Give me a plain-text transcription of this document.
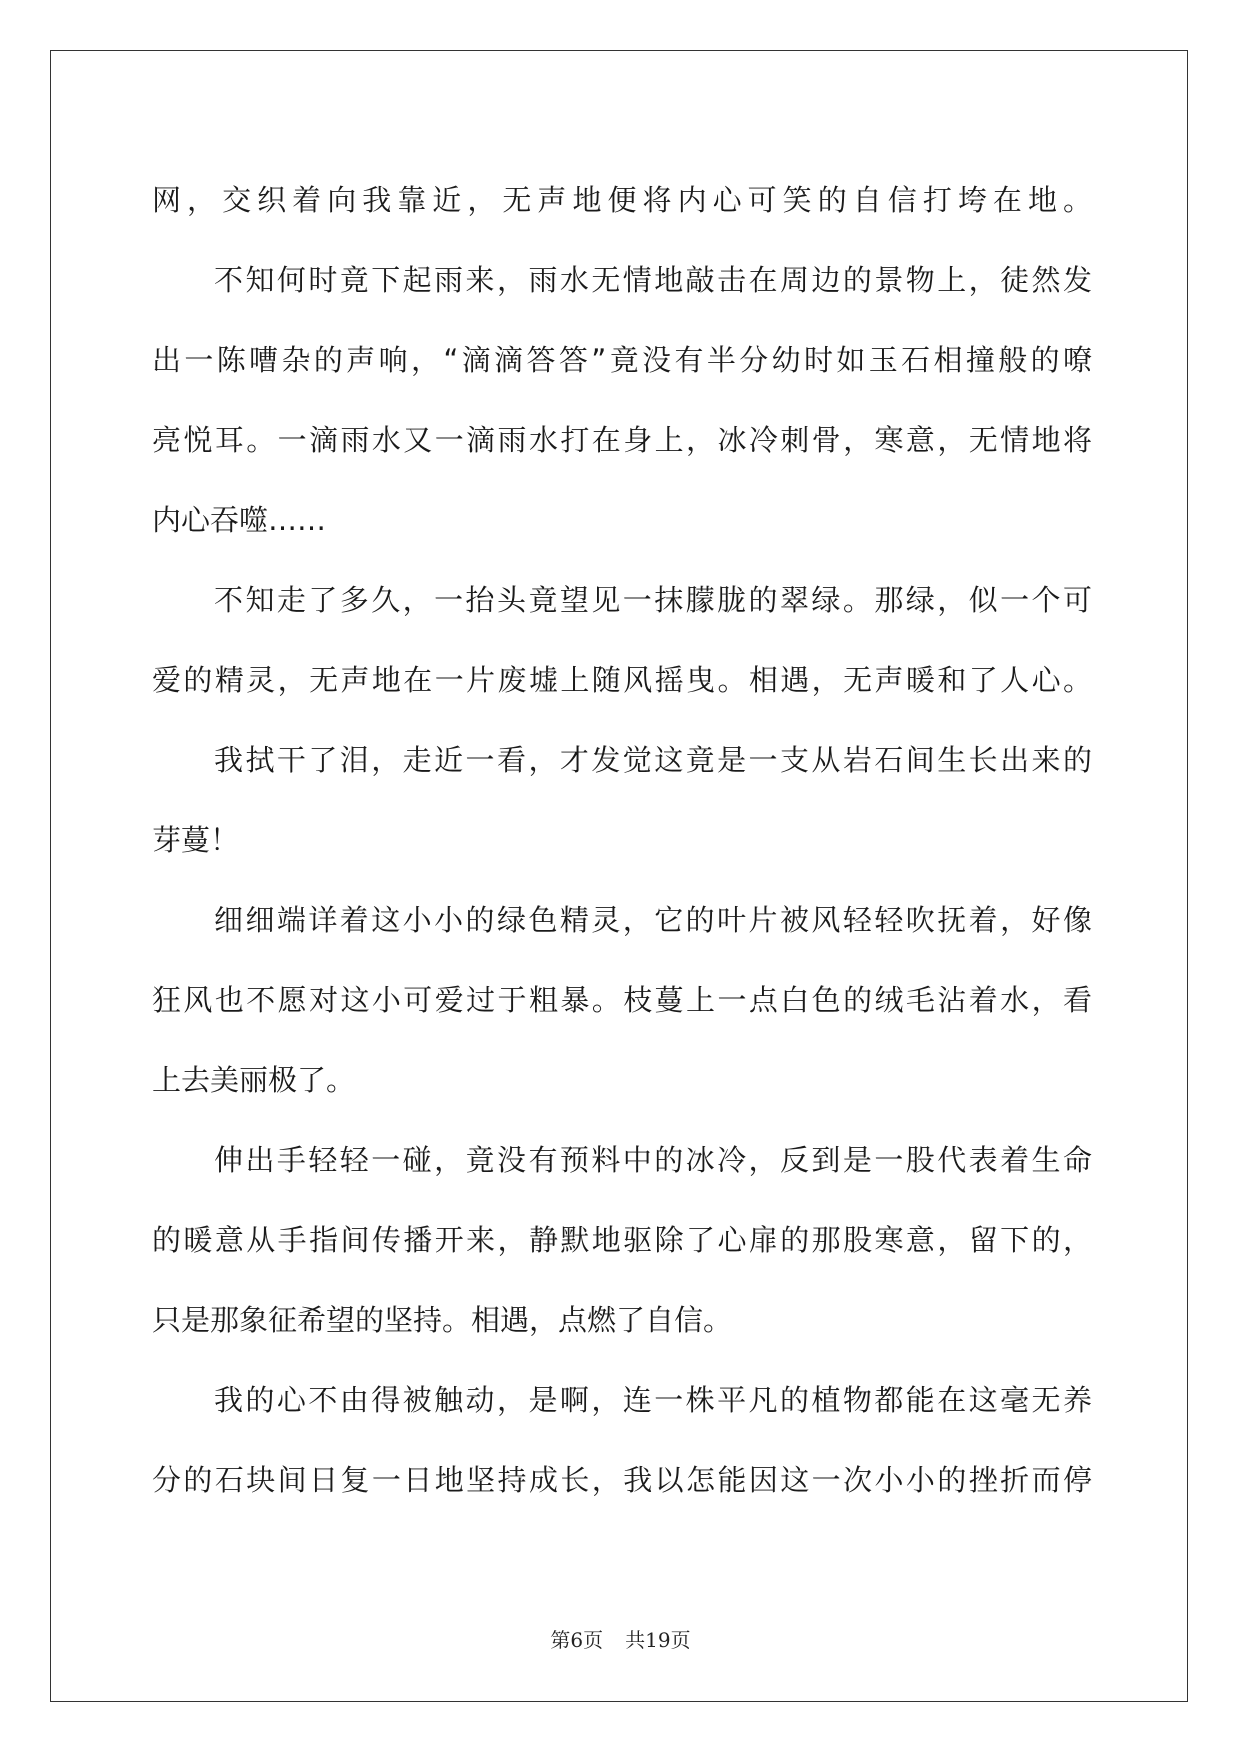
网，交织着向我靠近，无声地便将内心可笑的自信打垮在地。
不知何时竟下起雨来，雨水无情地敲击在周边的景物上，徒然发
出一陈嘈杂的声响，“滴滴答答”竟没有半分幼时如玉石相撞般的嘹
亮悦耳。一滴雨水又一滴雨水打在身上，冰冷刺骨，寒意，无情地将
内心吞噬……
不知走了多久，一抬头竟望见一抹朦胧的翠绿。那绿，似一个可
爱的精灵，无声地在一片废墟上随风摇曳。相遇，无声暖和了人心。
我拭干了泪，走近一看，才发觉这竟是一支从岩石间生长出来的
芽蔓！
细细端详着这小小的绿色精灵，它的叶片被风轻轻吹抚着，好像
狂风也不愿对这小可爱过于粗暴。枝蔓上一点白色的绒毛沾着水，看
上去美丽极了。
伸出手轻轻一碰，竟没有预料中的冰冷，反到是一股代表着生命
的暖意从手指间传播开来，静默地驱除了心扉的那股寒意，留下的，
只是那象征希望的坚持。相遇，点燃了自信。
我的心不由得被触动，是啊，连一株平凡的植物都能在这毫无养
分的石块间日复一日地坚持成长，我以怎能因这一次小小的挫折而停
第6页 共19页
